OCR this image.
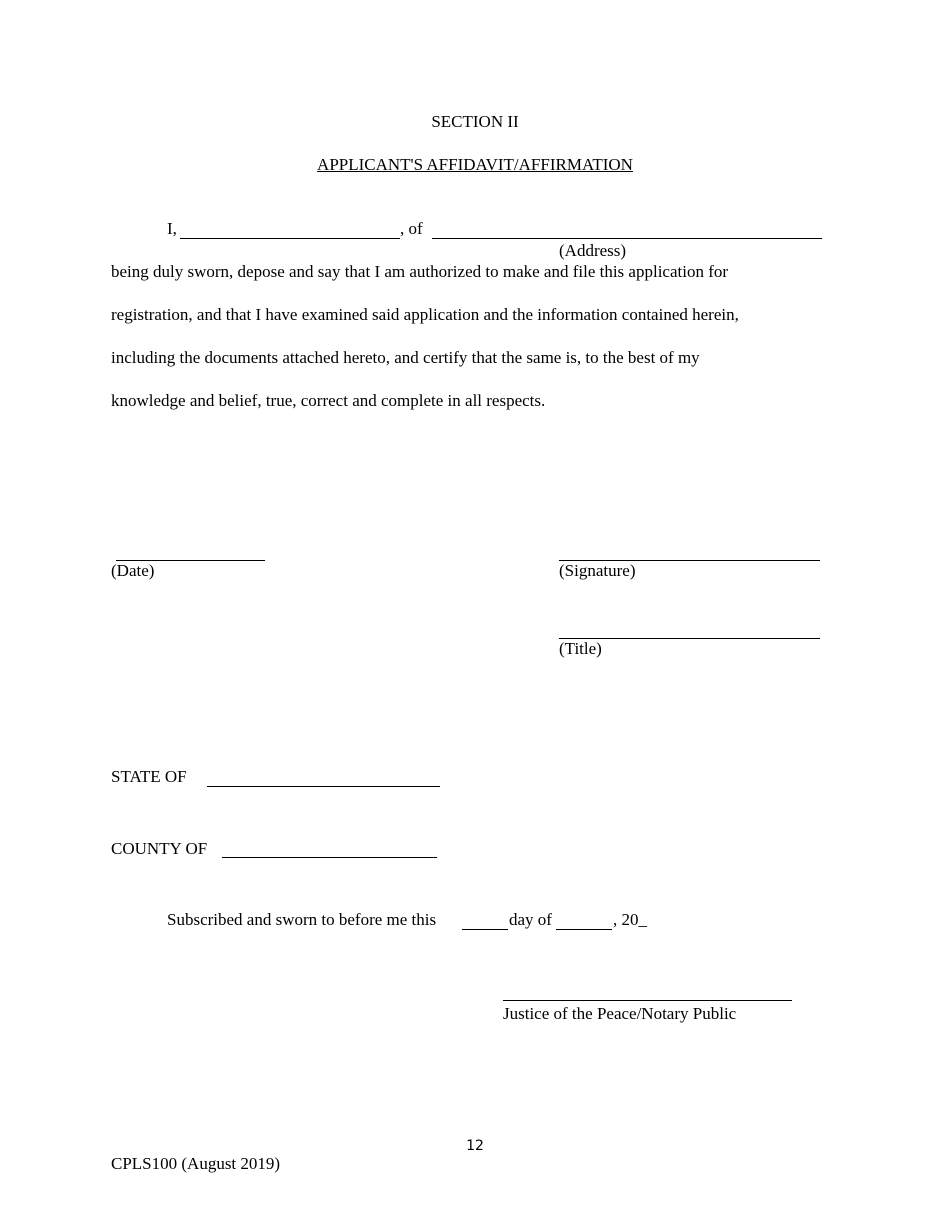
SECTION II
APPLICANT'S AFFIDAVIT/AFFIRMATION
I,	, of
(Address)
being duly sworn, depose and say that I am authorized to make and file this application for
registration, and that I have examined said application and the information contained herein,
including the documents attached hereto, and certify that the same is, to the best of my
knowledge and belief, true, correct and complete in all respects.
(Date)	(Signature)
(Title)
STATE OF
COUNTY OF
Subscribed and sworn to before me this	day of	, 20_
Justice of the Peace/Notary Public
12
CPLS100 (August 2019)
